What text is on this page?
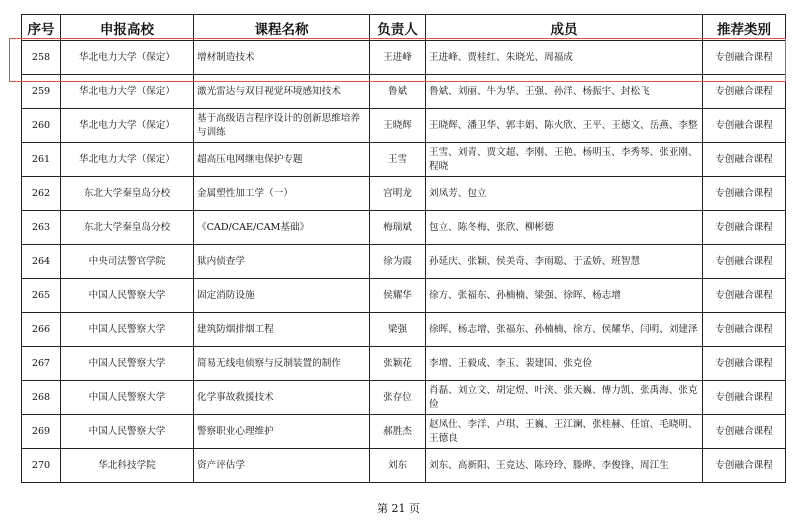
序号	申报高校	课程名称	负责人	成员	推荐类别
258	华北电力大学（保定）	增材制造技术	王进峰	王进峰、贾桂红、朱晓光、周福成	专创融合课程
259	华北电力大学（保定）	激光雷达与双目视觉环境感知技术	鲁斌	鲁斌、刘丽、牛为华、王强、孙洋、杨振宇、封松飞	专创融合课程
260	华北电力大学（保定）	基于高级语言程序设计的创新思维培养与训练	王晓辉	王晓辉、潘卫华、郭丰娟、陈火欣、王平、王德文、岳燕、李整	专创融合课程
261	华北电力大学（保定）	超高压电网继电保护专题	王雪	王雪、刘青、贾文超、李刚、王艳、杨明玉、李秀琴、张亚刚、程晓	专创融合课程
262	东北大学秦皇岛分校	金属塑性加工学（一）	宫明龙	刘凤芳、包立	专创融合课程
263	东北大学秦皇岛分校	《CAD/CAE/CAM基础》	梅瑞斌	包立、陈冬梅、张欣、柳彬德	专创融合课程
264	中央司法警官学院	狱内侦查学	徐为霞	孙延庆、张颖、侯美奇、李雨聪、于孟娇、班智慧	专创融合课程
265	中国人民警察大学	固定消防设施	侯耀华	徐方、张福东、孙楠楠、梁强、徐晖、杨志增	专创融合课程
266	中国人民警察大学	建筑防烟排烟工程	梁强	徐晖、杨志增、张福东、孙楠楠、徐方、侯耀华、闫明、刘建泽	专创融合课程
267	中国人民警察大学	简易无线电侦察与反制装置的制作	张颖花	李增、王毅成、李玉、裴建国、张克俭	专创融合课程
268	中国人民警察大学	化学事故救援技术	张存位	肖磊、刘立文、胡定煜、叶浃、张天巍、傅力凯、张禹海、张克俭	专创融合课程
269	中国人民警察大学	警察职业心理维护	郝胜杰	赵凤仕、李洋、卢琪、王巍、王江澜、张桂赫、任谊、毛晓明、王德良	专创融合课程
270	华北科技学院	资产评估学	刘东	刘东、高新阳、王竞达、陈玲玲、滕晔、李俊锋、周江生	专创融合课程
第 21 页
